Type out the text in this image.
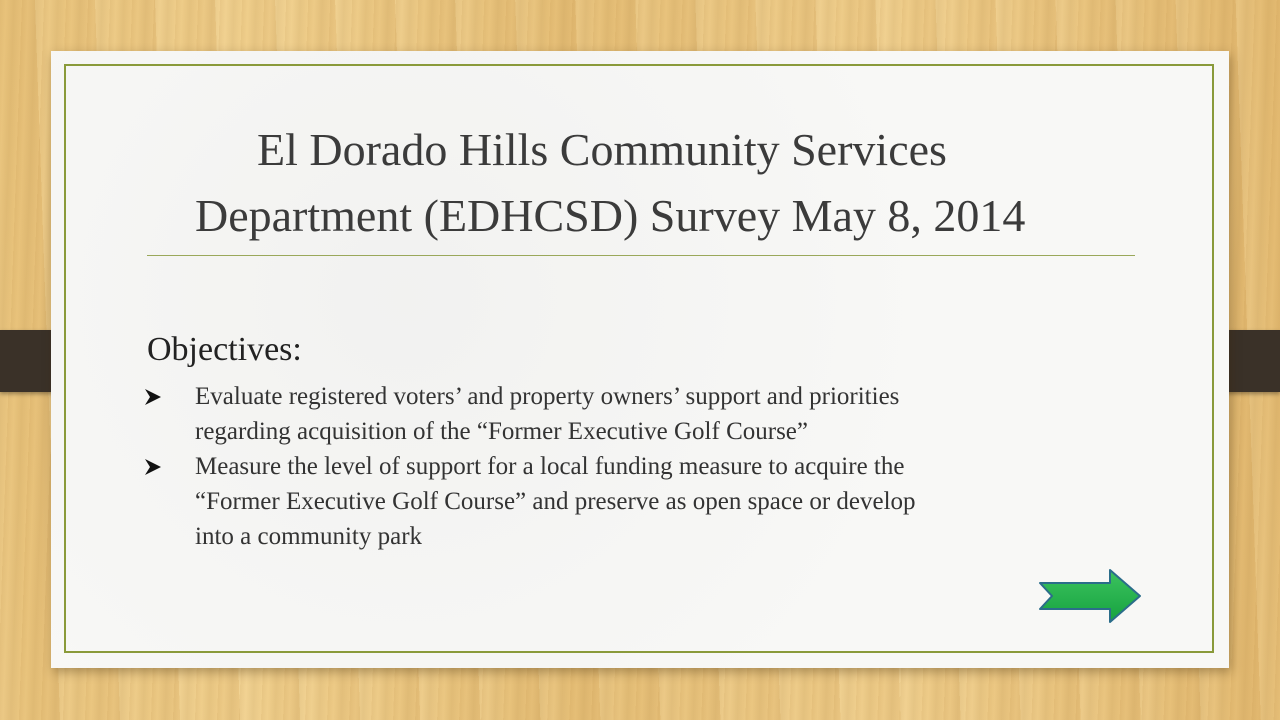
El Dorado Hills Community Services
Department (EDHCSD) Survey May 8, 2014

Objectives:

Evaluate registered voters’ and property owners’ support and priorities
regarding acquisition of the “Former Executive Golf Course”
Measure the level of support for a local funding measure to acquire the
“Former Executive Golf Course” and preserve as open space or develop
into a community park
